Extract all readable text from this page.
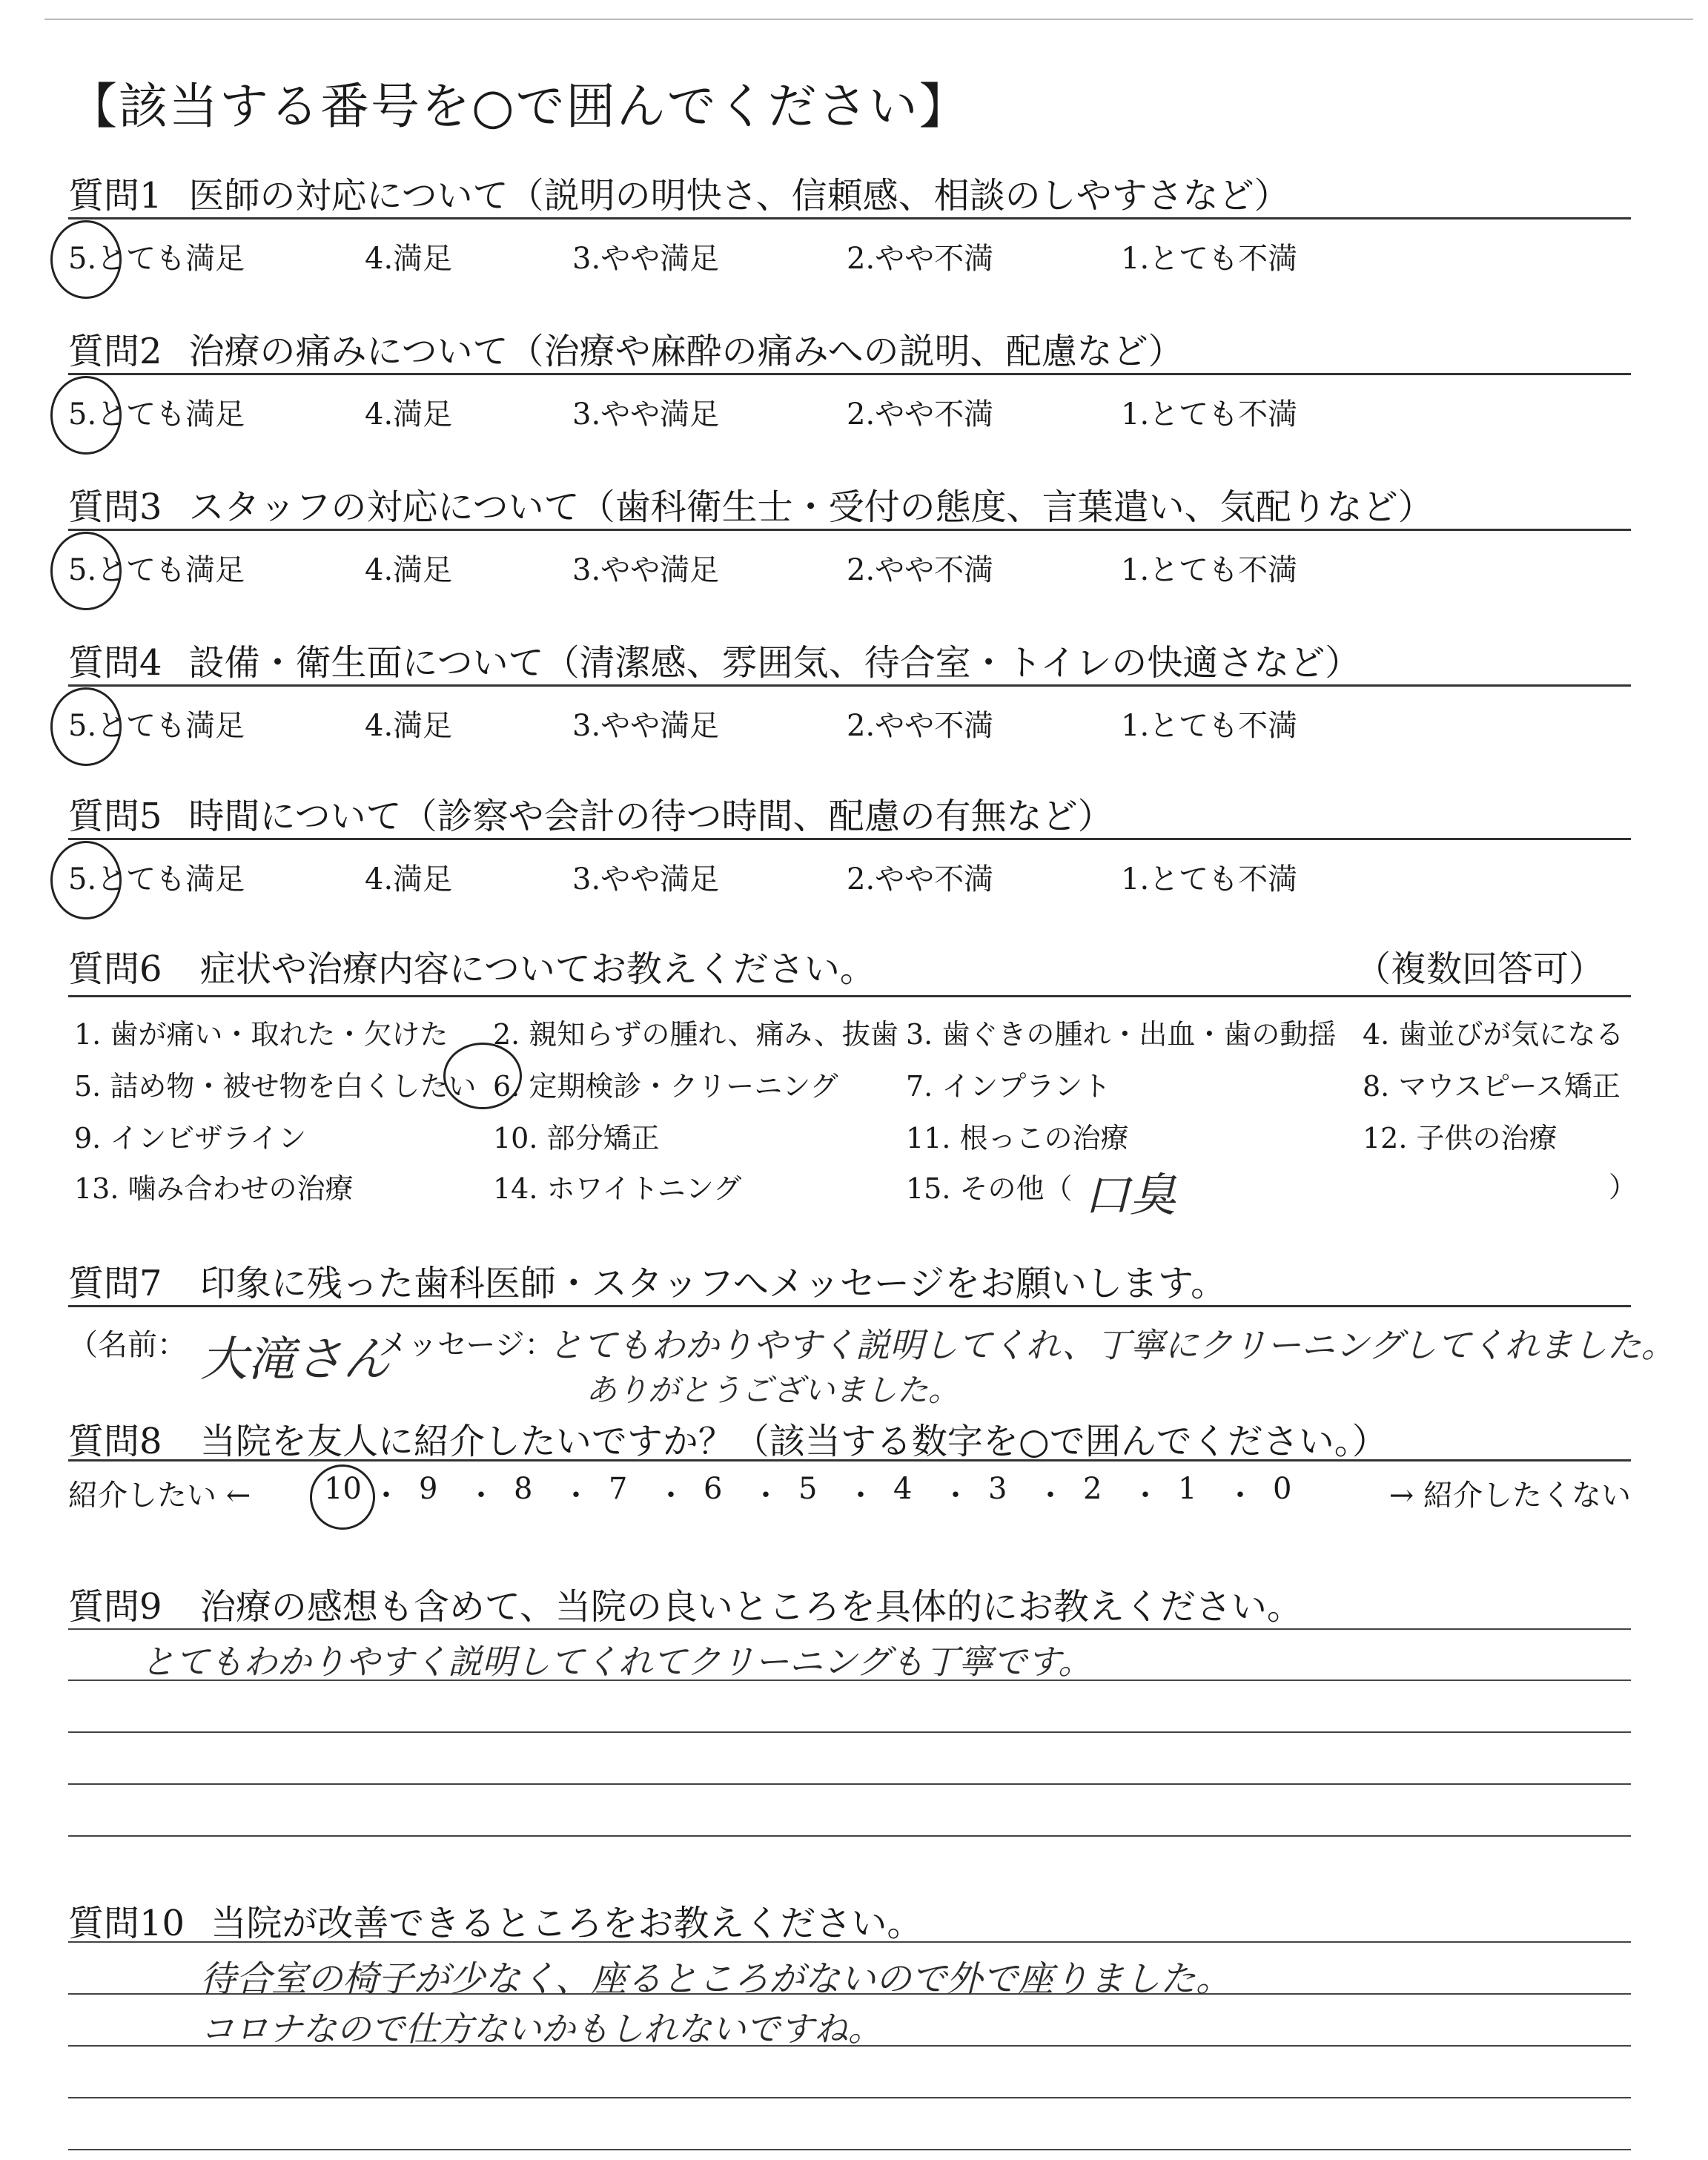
【該当する番号を○で囲んでください】
質問1 医師の対応について（説明の明快さ、信頼感、相談のしやすさなど）
5.とても満足	4.満足	3.やや満足	2.やや不満	1.とても不満
質問2 治療の痛みについて（治療や麻酔の痛みへの説明、配慮など）
5.とても満足	4.満足	3.やや満足	2.やや不満	1.とても不満
質問3 スタッフの対応について（歯科衛生士・受付の態度、言葉遣い、気配りなど）
5.とても満足	4.満足	3.やや満足	2.やや不満	1.とても不満
質問4 設備・衛生面について（清潔感、雰囲気、待合室・トイレの快適さなど）
5.とても満足	4.満足	3.やや満足	2.やや不満	1.とても不満
質問5 時間について（診察や会計の待つ時間、配慮の有無など）
5.とても満足	4.満足	3.やや満足	2.やや不満	1.とても不満
質問6 症状や治療内容についてお教えください。	（複数回答可）
1. 歯が痛い・取れた・欠けた 2. 親知らずの腫れ、痛み、抜歯 3. 歯ぐきの腫れ・出血・歯の動揺 4. 歯並びが気になる
5. 詰め物・被せ物を白くしたい 6. 定期検診・クリーニング 7. インプラント	8. マウスピース矯正
9. インビザライン	10. 部分矯正	11. 根っこの治療	12. 子供の治療
13. 噛み合わせの治療	14. ホワイトニング	15. その他（	）
口臭
質問7 印象に残った歯科医師・スタッフへメッセージをお願いします。
（名前： 大滝さん
メッセージ：
とてもわかりやすく説明してくれ、丁寧にクリーニングしてくれました。
ありがとうございました。
質問8 当院を友人に紹介したいですか？（該当する数字を○で囲んでください。）
紹介したい ← 10 ・ 9 ・ 8 ・ 7 ・ 6 ・ 5 ・ 4 ・ 3 ・ 2 ・ 1 ・ 0	→ 紹介したくない
質問9 治療の感想も含めて、当院の良いところを具体的にお教えください。
とてもわかりやすく説明してくれてクリーニングも丁寧です。
質問10 当院が改善できるところをお教えください。
待合室の椅子が少なく、座るところがないので外で座りました。
コロナなので仕方ないかもしれないですね。
